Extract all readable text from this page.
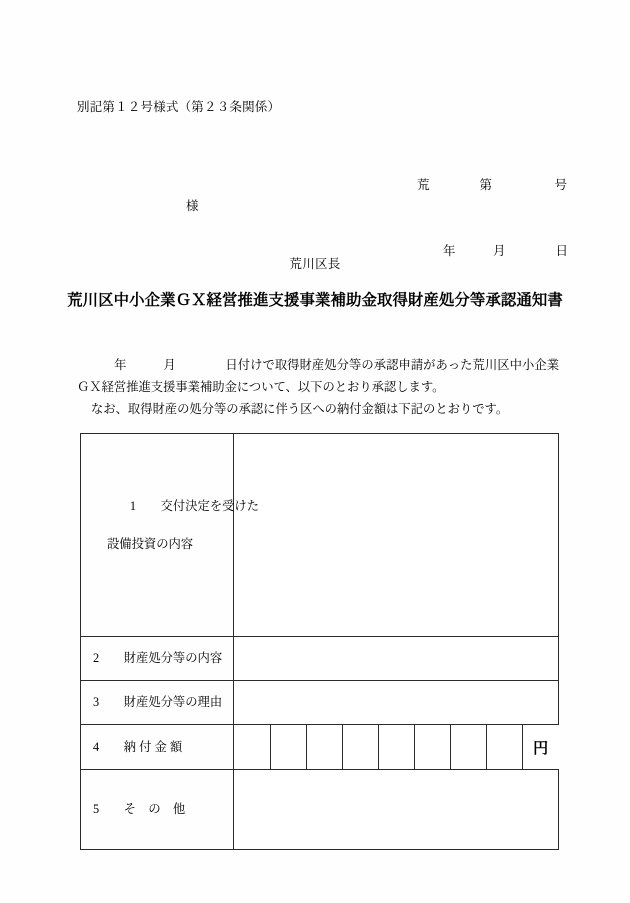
別記第１２号様式（第２３条関係）

荒　　　　第　　　　　号

年　　　月　　　　日

様
荒川区長
荒川区中小企業ＧＸ経営推進支援事業補助金取得財産処分等承認通知書

　　　年　　　月　　　　日付けで取得財産処分等の承認申請があった荒川区中小企業ＧＸ経営推進支援事業補助金について、以下のとおり承認します。

なお、取得財産の処分等の承認に伴う区への納付金額は下記のとおりです。

1　　交付決定を受けた

設備投資の内容

2　　財産処分等の内容	
3　　財産処分等の理由	
4　　納 付 金 額	
									円

5　　そ　の　他	
